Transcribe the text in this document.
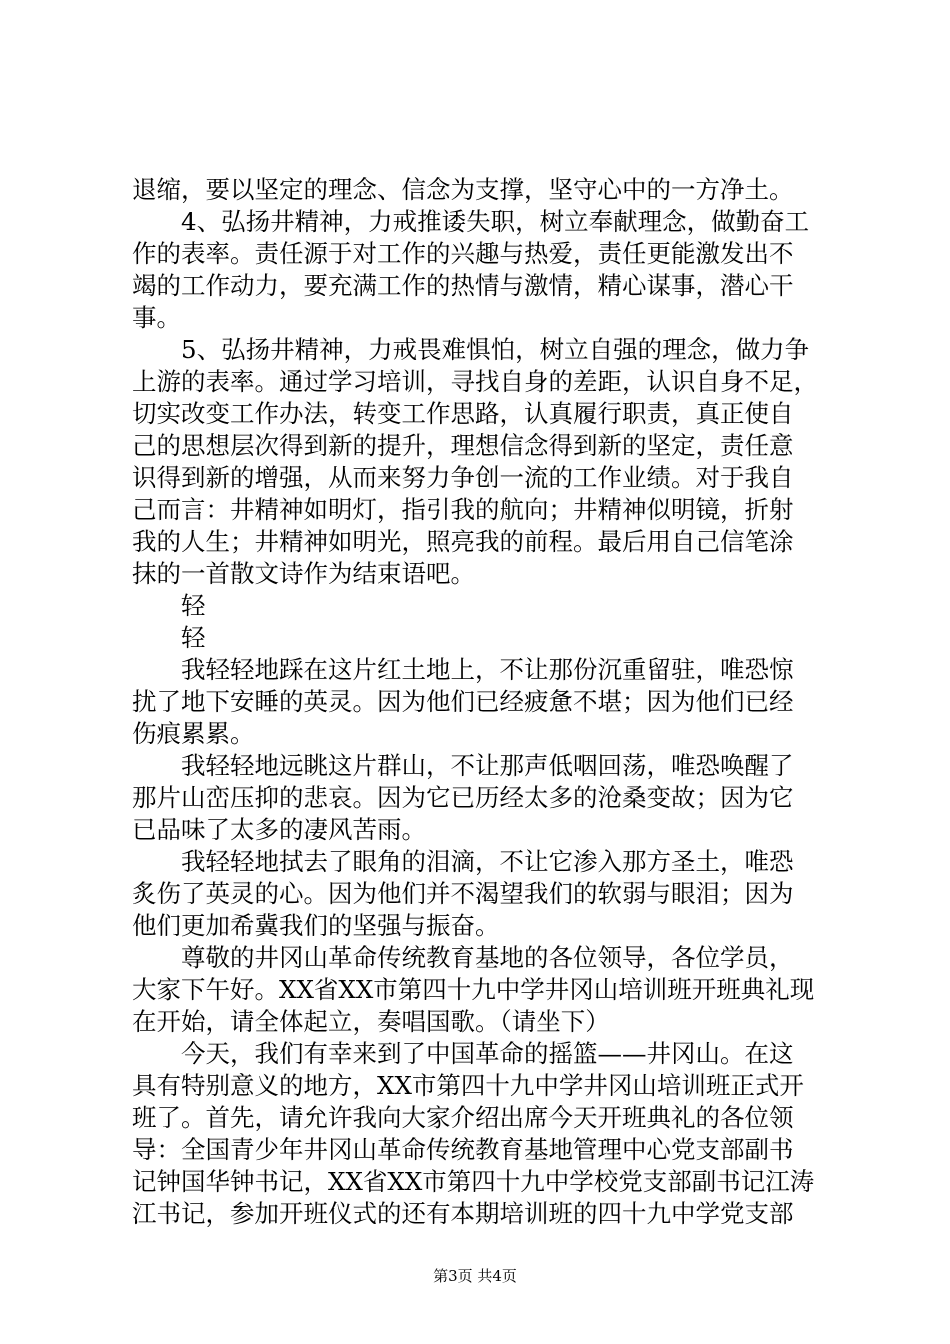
退缩，要以坚定的理念、信念为支撑，坚守心中的一方净土。
4、弘扬井精神，力戒推诿失职，树立奉献理念，做勤奋工
作的表率。责任源于对工作的兴趣与热爱，责任更能激发出不
竭的工作动力，要充满工作的热情与激情，精心谋事，潜心干
事。
5、弘扬井精神，力戒畏难惧怕，树立自强的理念，做力争
上游的表率。通过学习培训，寻找自身的差距，认识自身不足，
切实改变工作办法，转变工作思路，认真履行职责，真正使自
己的思想层次得到新的提升，理想信念得到新的坚定，责任意
识得到新的增强，从而来努力争创一流的工作业绩。对于我自
己而言：井精神如明灯，指引我的航向；井精神似明镜，折射
我的人生；井精神如明光，照亮我的前程。最后用自己信笔涂
抹的一首散文诗作为结束语吧。
轻
轻
我轻轻地踩在这片红土地上，不让那份沉重留驻，唯恐惊
扰了地下安睡的英灵。因为他们已经疲惫不堪；因为他们已经
伤痕累累。
我轻轻地远眺这片群山，不让那声低咽回荡，唯恐唤醒了
那片山峦压抑的悲哀。因为它已历经太多的沧桑变故；因为它
已品味了太多的凄风苦雨。
我轻轻地拭去了眼角的泪滴，不让它渗入那方圣土，唯恐
炙伤了英灵的心。因为他们并不渴望我们的软弱与眼泪；因为
他们更加希冀我们的坚强与振奋。
尊敬的井冈山革命传统教育基地的各位领导，各位学员，
大家下午好。XX省XX市第四十九中学井冈山培训班开班典礼现
在开始，请全体起立，奏唱国歌。（请坐下）
今天，我们有幸来到了中国革命的摇篮——井冈山。在这
具有特别意义的地方，XX市第四十九中学井冈山培训班正式开
班了。首先，请允许我向大家介绍出席今天开班典礼的各位领
导：全国青少年井冈山革命传统教育基地管理中心党支部副书
记钟国华钟书记，XX省XX市第四十九中学校党支部副书记江涛
江书记，参加开班仪式的还有本期培训班的四十九中学党支部
第3页 共4页
